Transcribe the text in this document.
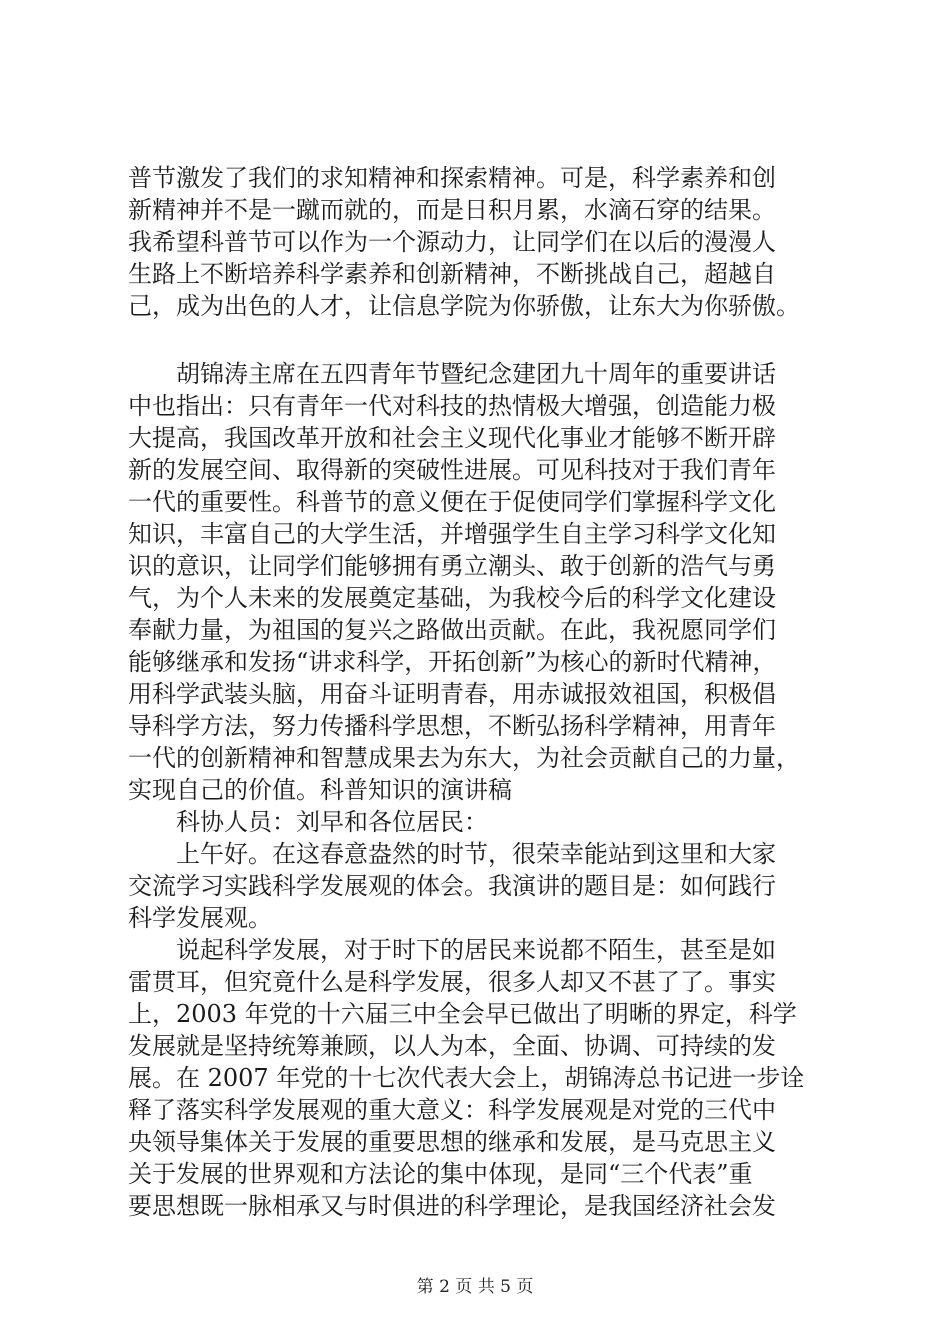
普节激发了我们的求知精神和探索精神。可是，科学素养和创
新精神并不是一蹴而就的，而是日积月累，水滴石穿的结果。
我希望科普节可以作为一个源动力，让同学们在以后的漫漫人
生路上不断培养科学素养和创新精神，不断挑战自己，超越自
己，成为出色的人才，让信息学院为你骄傲，让东大为你骄傲。
胡锦涛主席在五四青年节暨纪念建团九十周年的重要讲话
中也指出：只有青年一代对科技的热情极大增强，创造能力极
大提高，我国改革开放和社会主义现代化事业才能够不断开辟
新的发展空间、取得新的突破性进展。可见科技对于我们青年
一代的重要性。科普节的意义便在于促使同学们掌握科学文化
知识，丰富自己的大学生活，并增强学生自主学习科学文化知
识的意识，让同学们能够拥有勇立潮头、敢于创新的浩气与勇
气，为个人未来的发展奠定基础，为我校今后的科学文化建设
奉献力量，为祖国的复兴之路做出贡献。在此，我祝愿同学们
能够继承和发扬“讲求科学，开拓创新”为核心的新时代精神，
用科学武装头脑，用奋斗证明青春，用赤诚报效祖国，积极倡
导科学方法，努力传播科学思想，不断弘扬科学精神，用青年
一代的创新精神和智慧成果去为东大，为社会贡献自己的力量，
实现自己的价值。科普知识的演讲稿
科协人员：刘早和各位居民：
上午好。在这春意盎然的时节，很荣幸能站到这里和大家
交流学习实践科学发展观的体会。我演讲的题目是：如何践行
科学发展观。
说起科学发展，对于时下的居民来说都不陌生，甚至是如
雷贯耳，但究竟什么是科学发展，很多人却又不甚了了。事实
上，2003 年党的十六届三中全会早已做出了明晰的界定，科学
发展就是坚持统筹兼顾，以人为本，全面、协调、可持续的发
展。在 2007 年党的十七次代表大会上，胡锦涛总书记进一步诠
释了落实科学发展观的重大意义：科学发展观是对党的三代中
央领导集体关于发展的重要思想的继承和发展，是马克思主义
关于发展的世界观和方法论的集中体现，是同“三个代表”重
要思想既一脉相承又与时俱进的科学理论，是我国经济社会发
第 2 页 共 5 页
